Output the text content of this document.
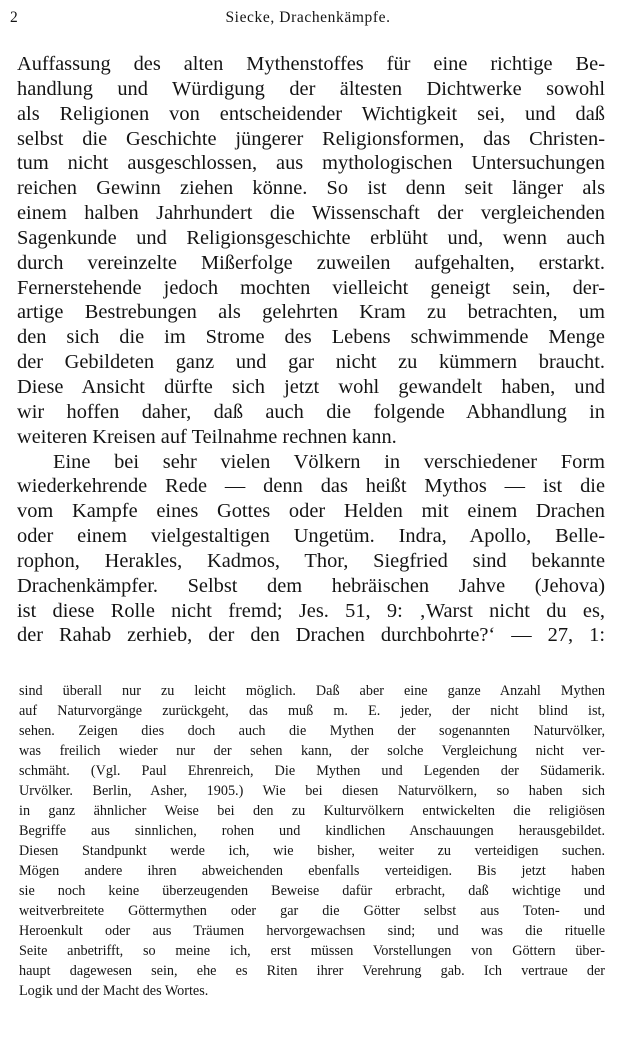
2	Siecke, Drachenkämpfe.
Auffassung des alten Mythenstoffes für eine richtige Be-
handlung und Würdigung der ältesten Dichtwerke sowohl
als Religionen von entscheidender Wichtigkeit sei, und daß
selbst die Geschichte jüngerer Religionsformen, das Christen-
tum nicht ausgeschlossen, aus mythologischen Untersuchungen
reichen Gewinn ziehen könne. So ist denn seit länger als
einem halben Jahrhundert die Wissenschaft der vergleichenden
Sagenkunde und Religionsgeschichte erblüht und, wenn auch
durch vereinzelte Mißerfolge zuweilen aufgehalten, erstarkt.
Fernerstehende jedoch mochten vielleicht geneigt sein, der-
artige Bestrebungen als gelehrten Kram zu betrachten, um
den sich die im Strome des Lebens schwimmende Menge
der Gebildeten ganz und gar nicht zu kümmern braucht.
Diese Ansicht dürfte sich jetzt wohl gewandelt haben, und
wir hoffen daher, daß auch die folgende Abhandlung in
weiteren Kreisen auf Teilnahme rechnen kann.
Eine bei sehr vielen Völkern in verschiedener Form
wiederkehrende Rede — denn das heißt Mythos — ist die
vom Kampfe eines Gottes oder Helden mit einem Drachen
oder einem vielgestaltigen Ungetüm. Indra, Apollo, Belle-
rophon, Herakles, Kadmos, Thor, Siegfried sind bekannte
Drachenkämpfer. Selbst dem hebräischen Jahve (Jehova)
ist diese Rolle nicht fremd; Jes. 51, 9: ‚Warst nicht du es,
der Rahab zerhieb, der den Drachen durchbohrte?‘ — 27, 1:
sind überall nur zu leicht möglich. Daß aber eine ganze Anzahl Mythen
auf Naturvorgänge zurückgeht, das muß m. E. jeder, der nicht blind ist,
sehen. Zeigen dies doch auch die Mythen der sogenannten Naturvölker,
was freilich wieder nur der sehen kann, der solche Vergleichung nicht ver-
schmäht. (Vgl. Paul Ehrenreich, Die Mythen und Legenden der Südamerik.
Urvölker. Berlin, Asher, 1905.) Wie bei diesen Naturvölkern, so haben sich
in ganz ähnlicher Weise bei den zu Kulturvölkern entwickelten die religiösen
Begriffe aus sinnlichen, rohen und kindlichen Anschauungen herausgebildet.
Diesen Standpunkt werde ich, wie bisher, weiter zu verteidigen suchen.
Mögen andere ihren abweichenden ebenfalls verteidigen. Bis jetzt haben
sie noch keine überzeugenden Beweise dafür erbracht, daß wichtige und
weitverbreitete Göttermythen oder gar die Götter selbst aus Toten- und
Heroenkult oder aus Träumen hervorgewachsen sind; und was die rituelle
Seite anbetrifft, so meine ich, erst müssen Vorstellungen von Göttern über-
haupt dagewesen sein, ehe es Riten ihrer Verehrung gab. Ich vertraue der
Logik und der Macht des Wortes.
